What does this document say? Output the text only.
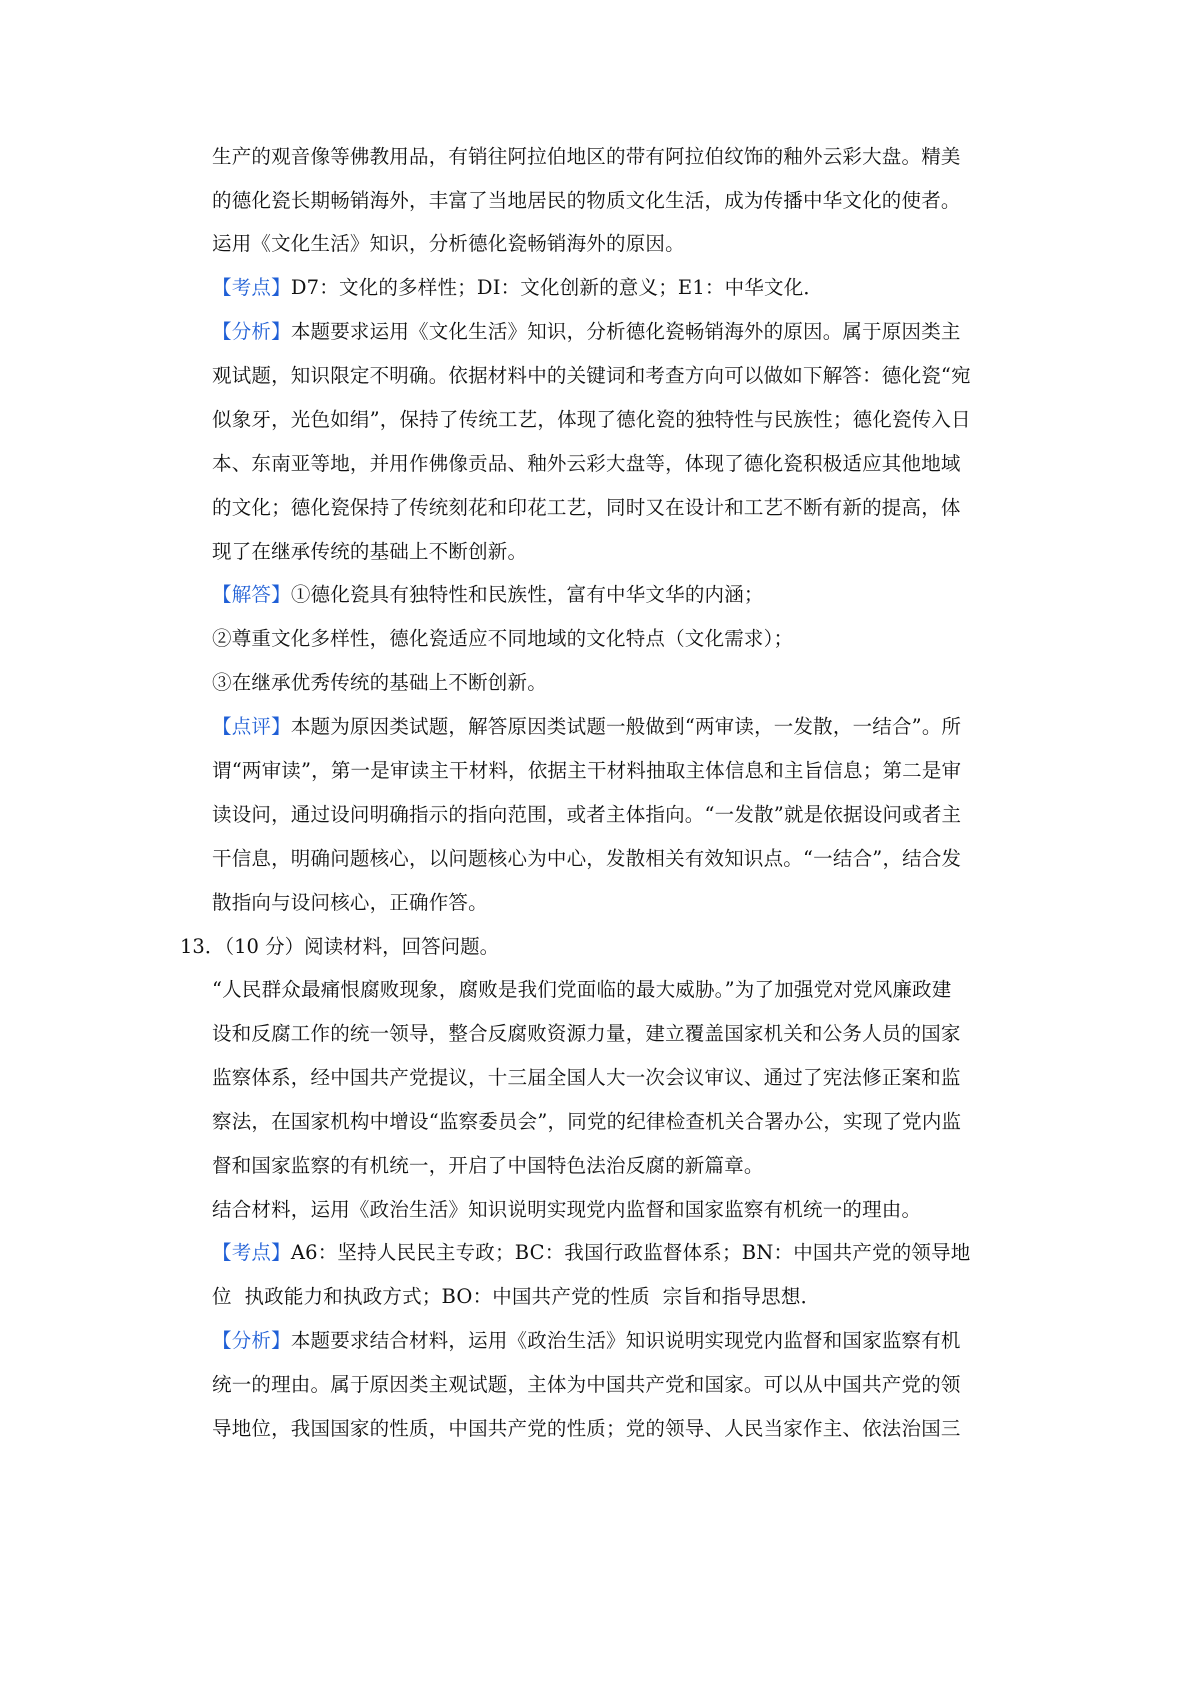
生产的观音像等佛教用品，有销往阿拉伯地区的带有阿拉伯纹饰的釉外云彩大盘。精美
的德化瓷长期畅销海外，丰富了当地居民的物质文化生活，成为传播中华文化的使者。
运用《文化生活》知识，分析德化瓷畅销海外的原因。
【考点】D7：文化的多样性；DI：文化创新的意义；E1：中华文化．
【分析】本题要求运用《文化生活》知识，分析德化瓷畅销海外的原因。属于原因类主
观试题，知识限定不明确。依据材料中的关键词和考查方向可以做如下解答：德化瓷“宛
似象牙，光色如绢”，保持了传统工艺，体现了德化瓷的独特性与民族性；德化瓷传入日
本、东南亚等地，并用作佛像贡品、釉外云彩大盘等，体现了德化瓷积极适应其他地域
的文化；德化瓷保持了传统刻花和印花工艺，同时又在设计和工艺不断有新的提高，体
现了在继承传统的基础上不断创新。
【解答】①德化瓷具有独特性和民族性，富有中华文华的内涵；
②尊重文化多样性，德化瓷适应不同地域的文化特点（文化需求）；
③在继承优秀传统的基础上不断创新。
【点评】本题为原因类试题，解答原因类试题一般做到“两审读，一发散，一结合”。所
谓“两审读”，第一是审读主干材料，依据主干材料抽取主体信息和主旨信息；第二是审
读设问，通过设问明确指示的指向范围，或者主体指向。“一发散”就是依据设问或者主
干信息，明确问题核心，以问题核心为中心，发散相关有效知识点。“一结合”，结合发
散指向与设问核心，正确作答。
13．（10 分）阅读材料，回答问题。
“人民群众最痛恨腐败现象，腐败是我们党面临的最大威胁。”为了加强党对党风廉政建
设和反腐工作的统一领导，整合反腐败资源力量，建立覆盖国家机关和公务人员的国家
监察体系，经中国共产党提议，十三届全国人大一次会议审议、通过了宪法修正案和监
察法，在国家机构中增设“监察委员会”，同党的纪律检查机关合署办公，实现了党内监
督和国家监察的有机统一，开启了中国特色法治反腐的新篇章。
结合材料，运用《政治生活》知识说明实现党内监督和国家监察有机统一的理由。
【考点】A6：坚持人民民主专政；BC：我国行政监督体系；BN：中国共产党的领导地
位  执政能力和执政方式；BO：中国共产党的性质  宗旨和指导思想．
【分析】本题要求结合材料，运用《政治生活》知识说明实现党内监督和国家监察有机
统一的理由。属于原因类主观试题，主体为中国共产党和国家。可以从中国共产党的领
导地位，我国国家的性质，中国共产党的性质；党的领导、人民当家作主、依法治国三
